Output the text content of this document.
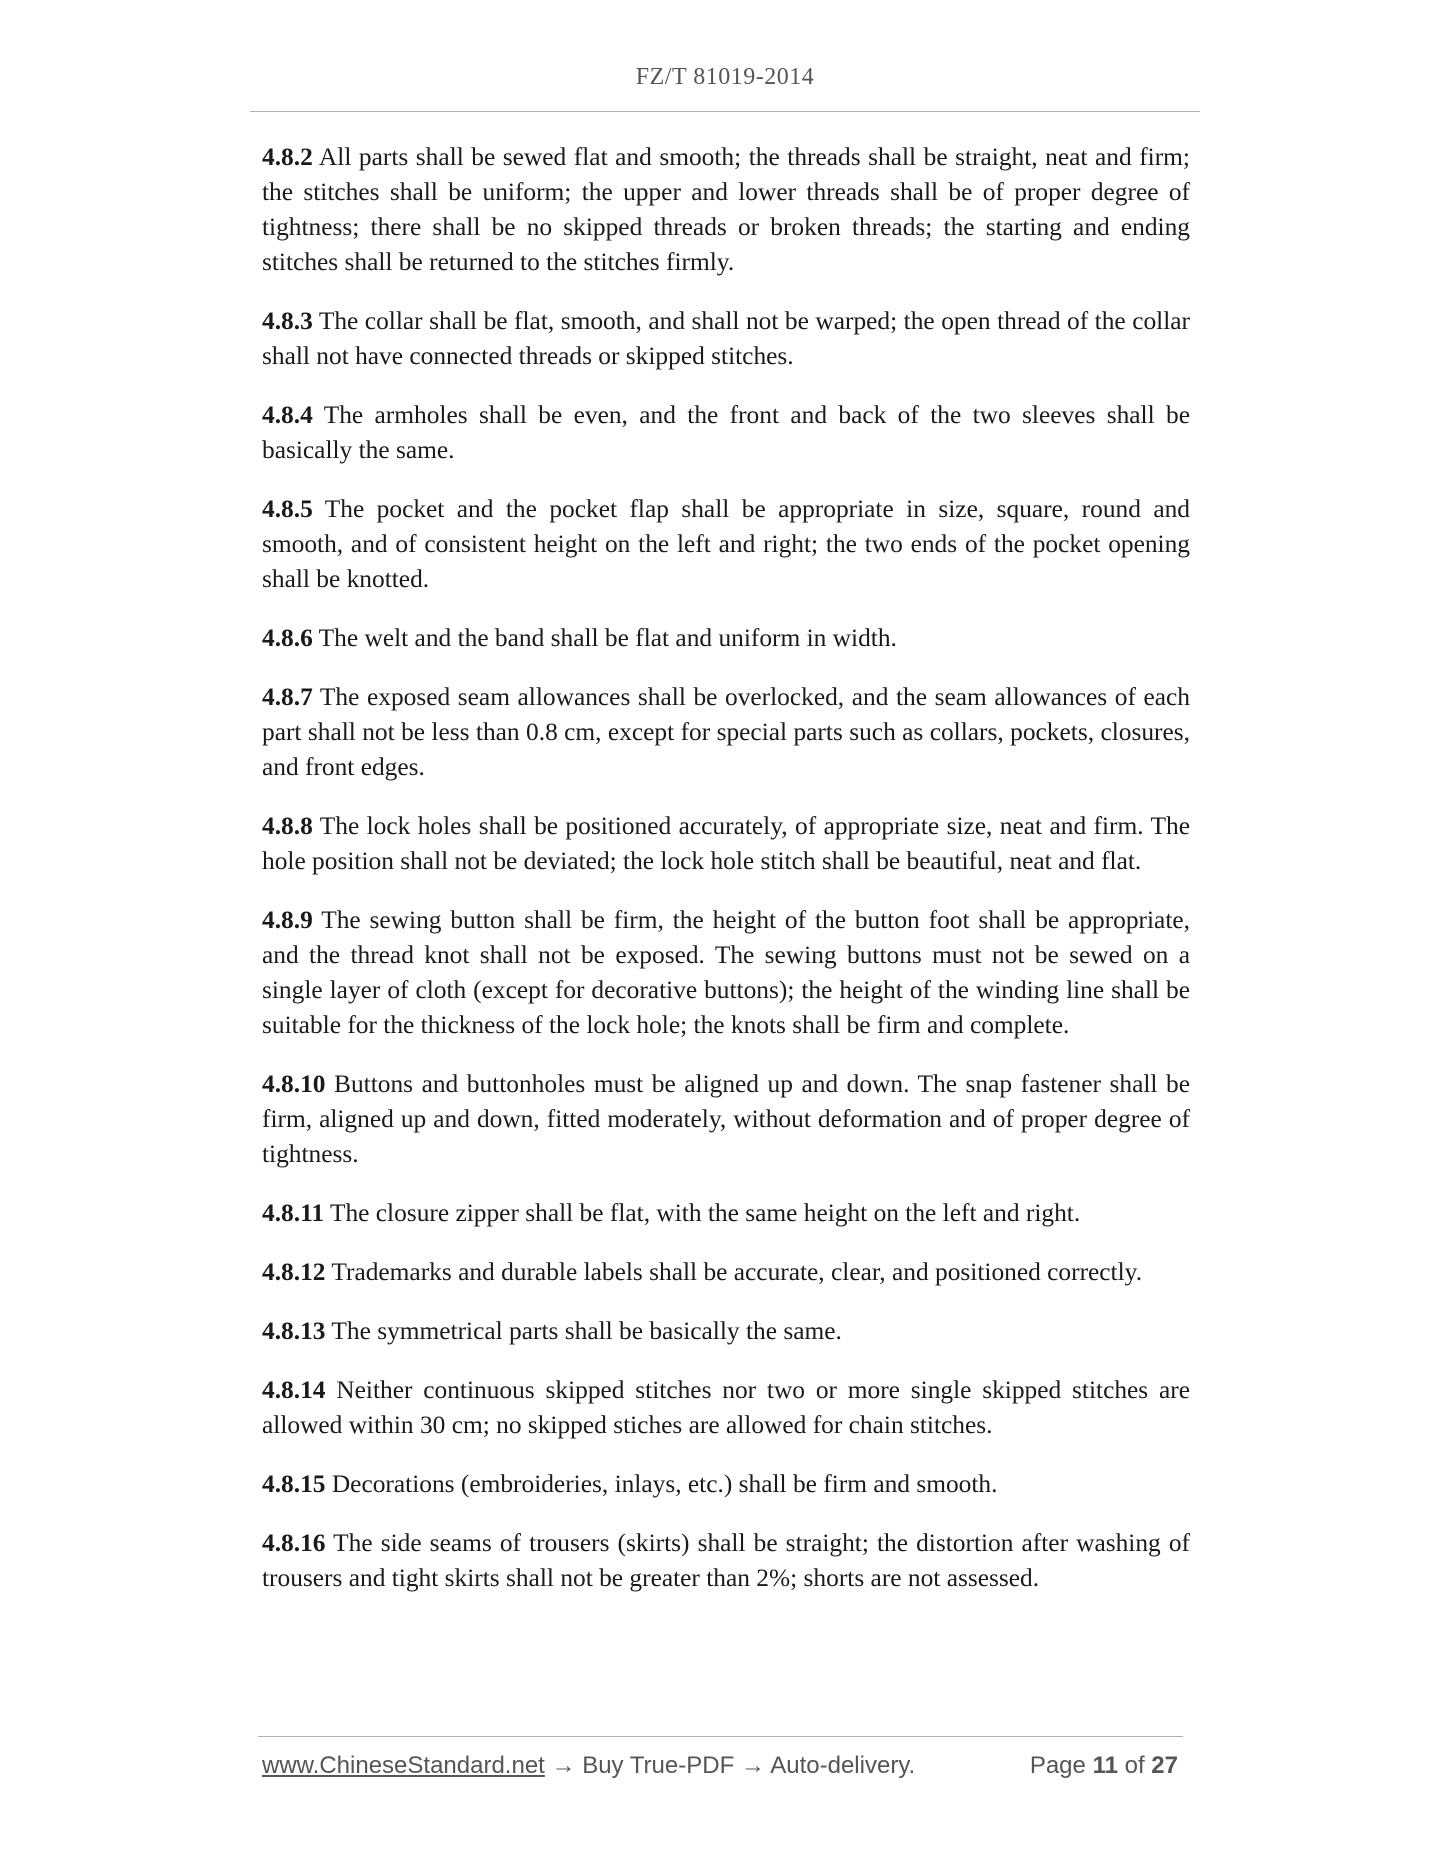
FZ/T 81019-2014

4.8.2 All parts shall be sewed flat and smooth; the threads shall be straight, neat and firm; the stitches shall be uniform; the upper and lower threads shall be of proper degree of tightness; there shall be no skipped threads or broken threads; the starting and ending stitches shall be returned to the stitches firmly.

4.8.3 The collar shall be flat, smooth, and shall not be warped; the open thread of the collar shall not have connected threads or skipped stitches.

4.8.4 The armholes shall be even, and the front and back of the two sleeves shall be basically the same.

4.8.5 The pocket and the pocket flap shall be appropriate in size, square, round and smooth, and of consistent height on the left and right; the two ends of the pocket opening shall be knotted.

4.8.6 The welt and the band shall be flat and uniform in width.

4.8.7 The exposed seam allowances shall be overlocked, and the seam allowances of each part shall not be less than 0.8 cm, except for special parts such as collars, pockets, closures, and front edges.

4.8.8 The lock holes shall be positioned accurately, of appropriate size, neat and firm. The hole position shall not be deviated; the lock hole stitch shall be beautiful, neat and flat.

4.8.9 The sewing button shall be firm, the height of the button foot shall be appropriate, and the thread knot shall not be exposed. The sewing buttons must not be sewed on a single layer of cloth (except for decorative buttons); the height of the winding line shall be suitable for the thickness of the lock hole; the knots shall be firm and complete.

4.8.10 Buttons and buttonholes must be aligned up and down. The snap fastener shall be firm, aligned up and down, fitted moderately, without deformation and of proper degree of tightness.

4.8.11 The closure zipper shall be flat, with the same height on the left and right.

4.8.12 Trademarks and durable labels shall be accurate, clear, and positioned correctly.

4.8.13 The symmetrical parts shall be basically the same.

4.8.14 Neither continuous skipped stitches nor two or more single skipped stitches are allowed within 30 cm; no skipped stiches are allowed for chain stitches.

4.8.15 Decorations (embroideries, inlays, etc.) shall be firm and smooth.

4.8.16 The side seams of trousers (skirts) shall be straight; the distortion after washing of trousers and tight skirts shall not be greater than 2%; shorts are not assessed.

www.ChineseStandard.net → Buy True-PDF → Auto-delivery.	Page 11 of 27
